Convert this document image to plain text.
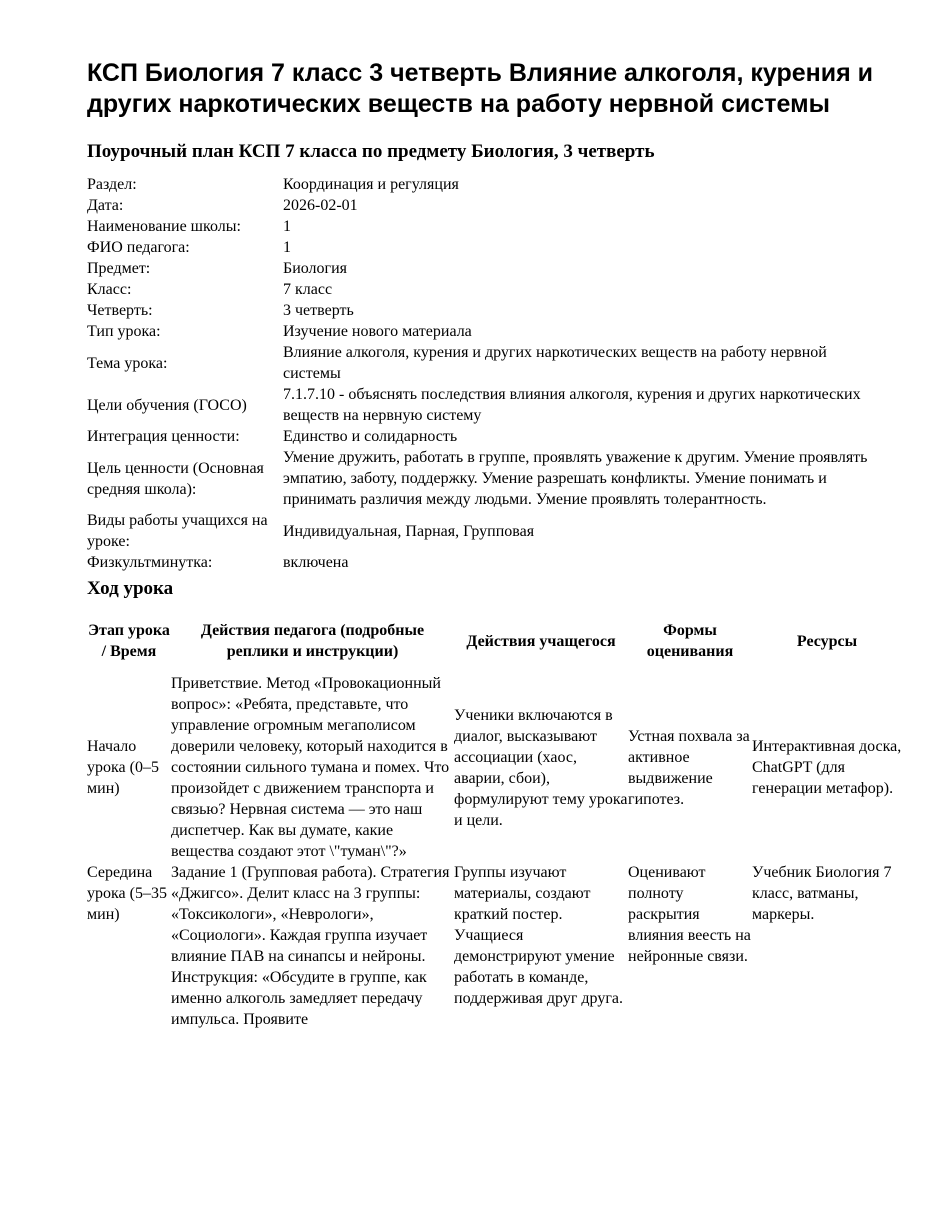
КСП Биология 7 класс 3 четверть Влияние алкоголя, курения и других наркотических веществ на работу нервной системы
Поурочный план КСП 7 класса по предмету Биология, 3 четверть
Раздел:	Координация и регуляция
Дата:	2026-02-01
Наименование школы:	1
ФИО педагога:	1
Предмет:	Биология
Класс:	7 класс
Четверть:	3 четверть
Тип урока:	Изучение нового материала
Тема урока:	Влияние алкоголя, курения и других наркотических веществ на работу нервной системы
Цели обучения (ГОСО)	7.1.7.10 - объяснять последствия влияния алкоголя, курения и других наркотических веществ на нервную систему
Интеграция ценности:	Единство и солидарность
Цель ценности (Основная средняя школа):	Умение дружить, работать в группе, проявлять уважение к другим. Умение проявлять эмпатию, заботу, поддержку. Умение разрешать конфликты. Умение понимать и принимать различия между людьми. Умение проявлять толерантность.
Виды работы учащихся на уроке:	Индивидуальная, Парная, Групповая
Физкультминутка:	включена
Ход урока
Этап урока / Время	Действия педагога (подробные реплики и инструкции)	Действия учащегося	Формы оценивания	Ресурсы
Начало урока (0–5 мин)	Приветствие. Метод «Провокационный вопрос»: «Ребята, представьте, что управление огромным мегаполисом доверили человеку, который находится в состоянии сильного тумана и помех. Что произойдет с движением транспорта и связью? Нервная система — это наш диспетчер. Как вы думате, какие вещества создают этот \"туман\"?»	Ученики включаются в диалог, высказывают ассоциации (хаос, аварии, сбои), формулируют тему урока и цели.	Устная похвала за активное выдвижение гипотез.	Интерактивная доска, ChatGPT (для генерации метафор).
Середина урока (5–35 мин)	Задание 1 (Групповая работа). Стратегия «Джигсо». Делит класс на 3 группы: «Токсикологи», «Неврологи», «Социологи». Каждая группа изучает влияние ПАВ на синапсы и нейроны. Инструкция: «Обсудите в группе, как именно алкоголь замедляет передачу импульса. Проявите	Группы изучают материалы, создают краткий постер. Учащиеся демонстрируют умение работать в команде, поддерживая друг друга.	Оценивают полноту раскрытия влияния веесть на нейронные связи.	Учебник Биология 7 класс, ватманы, маркеры.
